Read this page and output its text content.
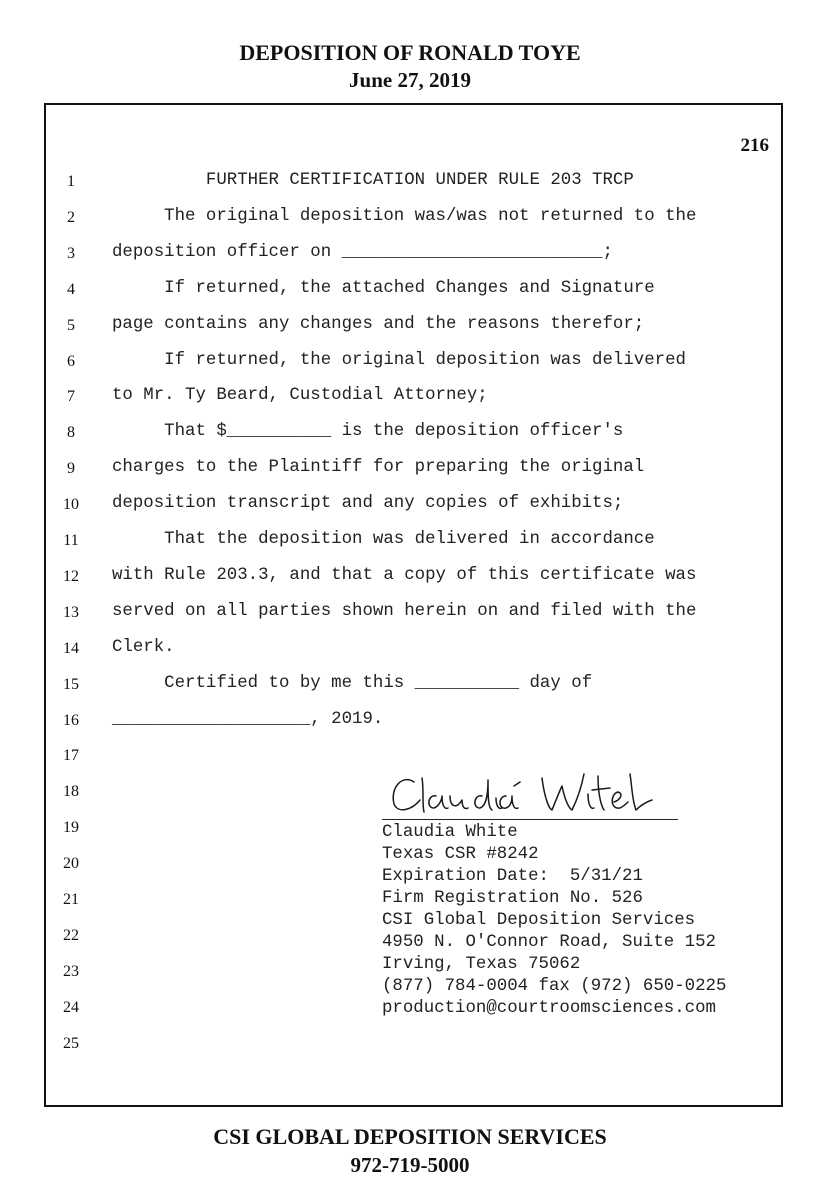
DEPOSITION OF RONALD TOYE
June 27, 2019
216
1	FURTHER CERTIFICATION UNDER RULE 203 TRCP
2	The original deposition was/was not returned to the
3	deposition officer on _________________________;
4	If returned, the attached Changes and Signature
5	page contains any changes and the reasons therefor;
6	If returned, the original deposition was delivered
7	to Mr. Ty Beard, Custodial Attorney;
8	That $__________ is the deposition officer's
9	charges to the Plaintiff for preparing the original
10	deposition transcript and any copies of exhibits;
11	That the deposition was delivered in accordance
12	with Rule 203.3, and that a copy of this certificate was
13	served on all parties shown herein on and filed with the
14	Clerk.
15	Certified to by me this __________ day of
16	___________________, 2019.
17
18
19
20
21
22
23
24
25
Claudia White
Texas CSR #8242
Expiration Date:  5/31/21
Firm Registration No. 526
CSI Global Deposition Services
4950 N. O'Connor Road, Suite 152
Irving, Texas 75062
(877) 784-0004 fax (972) 650-0225
production@courtroomsciences.com
CSI GLOBAL DEPOSITION SERVICES
972-719-5000
